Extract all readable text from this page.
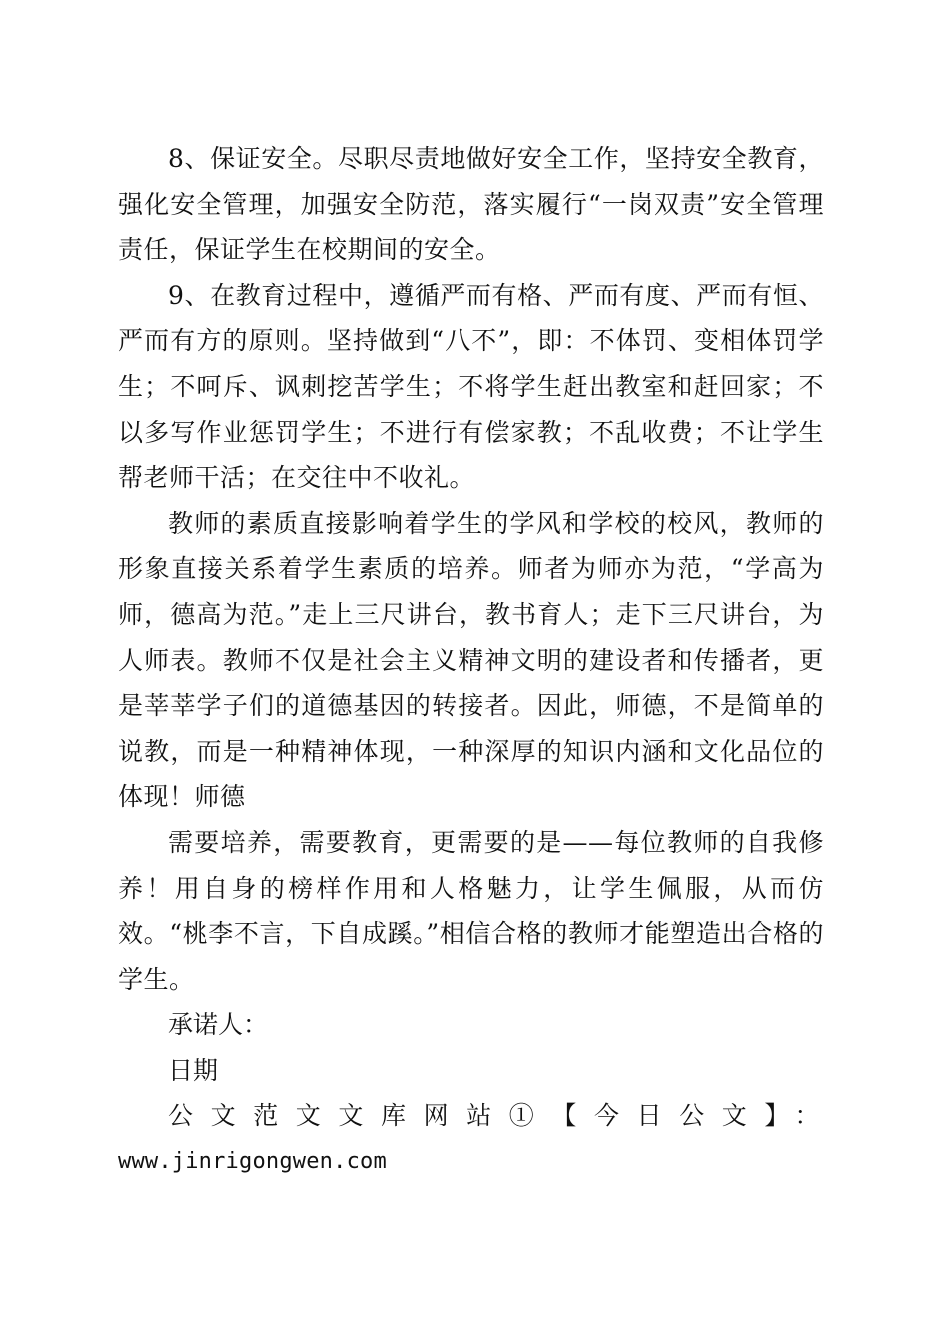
8、保证安全。尽职尽责地做好安全工作，坚持安全教育，强化安全管理，加强安全防范，落实履行“一岗双责”安全管理责任，保证学生在校期间的安全。

9、在教育过程中，遵循严而有格、严而有度、严而有恒、严而有方的原则。坚持做到“八不”，即：不体罚、变相体罚学生；不呵斥、讽刺挖苦学生；不将学生赶出教室和赶回家；不以多写作业惩罚学生；不进行有偿家教；不乱收费；不让学生帮老师干活；在交往中不收礼。

教师的素质直接影响着学生的学风和学校的校风，教师的形象直接关系着学生素质的培养。师者为师亦为范，“学高为师，德高为范。”走上三尺讲台，教书育人；走下三尺讲台，为人师表。教师不仅是社会主义精神文明的建设者和传播者，更是莘莘学子们的道德基因的转接者。因此，师德，不是简单的说教，而是一种精神体现，一种深厚的知识内涵和文化品位的体现！师德

需要培养，需要教育，更需要的是——每位教师的自我修养！用自身的榜样作用和人格魅力，让学生佩服，从而仿效。“桃李不言，下自成蹊。”相信合格的教师才能塑造出合格的学生。

承诺人：

日期

公文范文文库网站①【今日公文】：

www.jinrigongwen.com
